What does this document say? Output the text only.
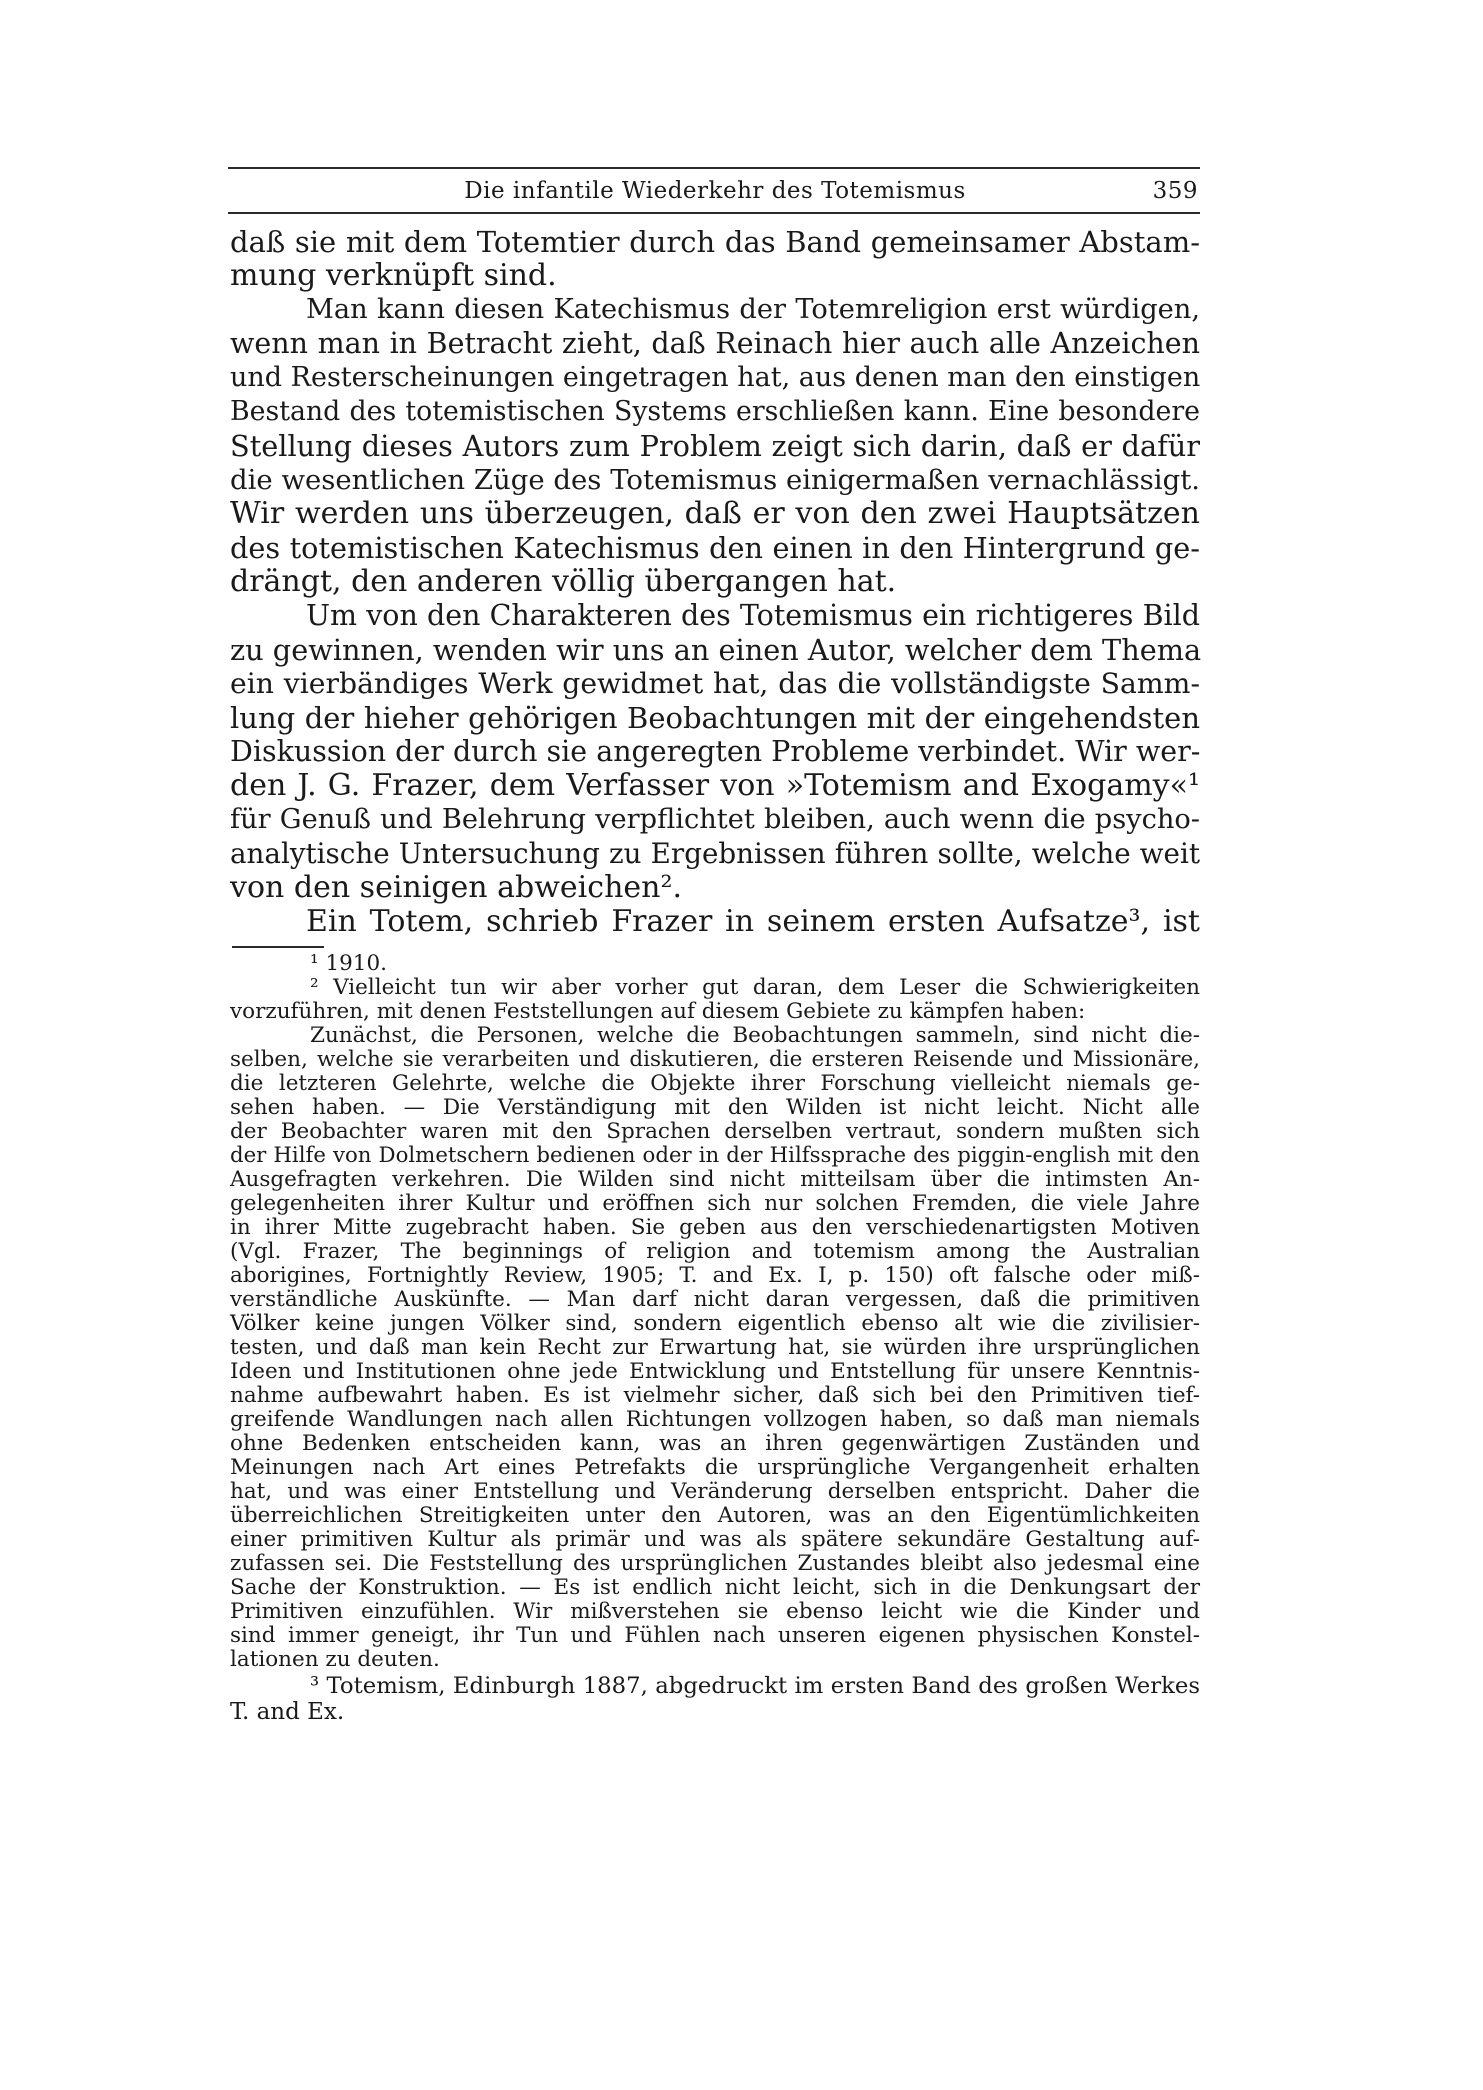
Die infantile Wiederkehr des Totemismus	359
daß sie mit dem Totemtier durch das Band gemeinsamer Abstam-
mung verknüpft sind.
Man kann diesen Katechismus der Totemreligion erst würdigen,
wenn man in Betracht zieht, daß Reinach hier auch alle Anzeichen
und Resterscheinungen eingetragen hat, aus denen man den einstigen
Bestand des totemistischen Systems erschließen kann. Eine besondere
Stellung dieses Autors zum Problem zeigt sich darin, daß er dafür
die wesentlichen Züge des Totemismus einigermaßen vernachlässigt.
Wir werden uns überzeugen, daß er von den zwei Hauptsätzen
des totemistischen Katechismus den einen in den Hintergrund ge-
drängt, den anderen völlig übergangen hat.
Um von den Charakteren des Totemismus ein richtigeres Bild
zu gewinnen, wenden wir uns an einen Autor, welcher dem Thema
ein vierbändiges Werk gewidmet hat, das die vollständigste Samm-
lung der hieher gehörigen Beobachtungen mit der eingehendsten
Diskussion der durch sie angeregten Probleme verbindet. Wir wer-
den J. G. Frazer, dem Verfasser von »Totemism and Exogamy«¹
für Genuß und Belehrung verpflichtet bleiben, auch wenn die psycho-
analytische Untersuchung zu Ergebnissen führen sollte, welche weit
von den seinigen abweichen².
Ein Totem, schrieb Frazer in seinem ersten Aufsatze³, ist
¹ 1910.
² Vielleicht tun wir aber vorher gut daran, dem Leser die Schwierigkeiten
vorzuführen, mit denen Feststellungen auf diesem Gebiete zu kämpfen haben:
Zunächst, die Personen, welche die Beobachtungen sammeln, sind nicht die-
selben, welche sie verarbeiten und diskutieren, die ersteren Reisende und Missionäre,
die letzteren Gelehrte, welche die Objekte ihrer Forschung vielleicht niemals ge-
sehen haben. — Die Verständigung mit den Wilden ist nicht leicht. Nicht alle
der Beobachter waren mit den Sprachen derselben vertraut, sondern mußten sich
der Hilfe von Dolmetschern bedienen oder in der Hilfssprache des piggin-english mit den
Ausgefragten verkehren. Die Wilden sind nicht mitteilsam über die intimsten An-
gelegenheiten ihrer Kultur und eröffnen sich nur solchen Fremden, die viele Jahre
in ihrer Mitte zugebracht haben. Sie geben aus den verschiedenartigsten Motiven
(Vgl. Frazer, The beginnings of religion and totemism among the Australian
aborigines, Fortnightly Review, 1905; T. and Ex. I, p. 150) oft falsche oder miß-
verständliche Auskünfte. — Man darf nicht daran vergessen, daß die primitiven
Völker keine jungen Völker sind, sondern eigentlich ebenso alt wie die zivilisier-
testen, und daß man kein Recht zur Erwartung hat, sie würden ihre ursprünglichen
Ideen und Institutionen ohne jede Entwicklung und Entstellung für unsere Kenntnis-
nahme aufbewahrt haben. Es ist vielmehr sicher, daß sich bei den Primitiven tief-
greifende Wandlungen nach allen Richtungen vollzogen haben, so daß man niemals
ohne Bedenken entscheiden kann, was an ihren gegenwärtigen Zuständen und
Meinungen nach Art eines Petrefakts die ursprüngliche Vergangenheit erhalten
hat, und was einer Entstellung und Veränderung derselben entspricht. Daher die
überreichlichen Streitigkeiten unter den Autoren, was an den Eigentümlichkeiten
einer primitiven Kultur als primär und was als spätere sekundäre Gestaltung auf-
zufassen sei. Die Feststellung des ursprünglichen Zustandes bleibt also jedesmal eine
Sache der Konstruktion. — Es ist endlich nicht leicht, sich in die Denkungsart der
Primitiven einzufühlen. Wir mißverstehen sie ebenso leicht wie die Kinder und
sind immer geneigt, ihr Tun und Fühlen nach unseren eigenen physischen Konstel-
lationen zu deuten.
³ Totemism, Edinburgh 1887, abgedruckt im ersten Band des großen Werkes
T. and Ex.
